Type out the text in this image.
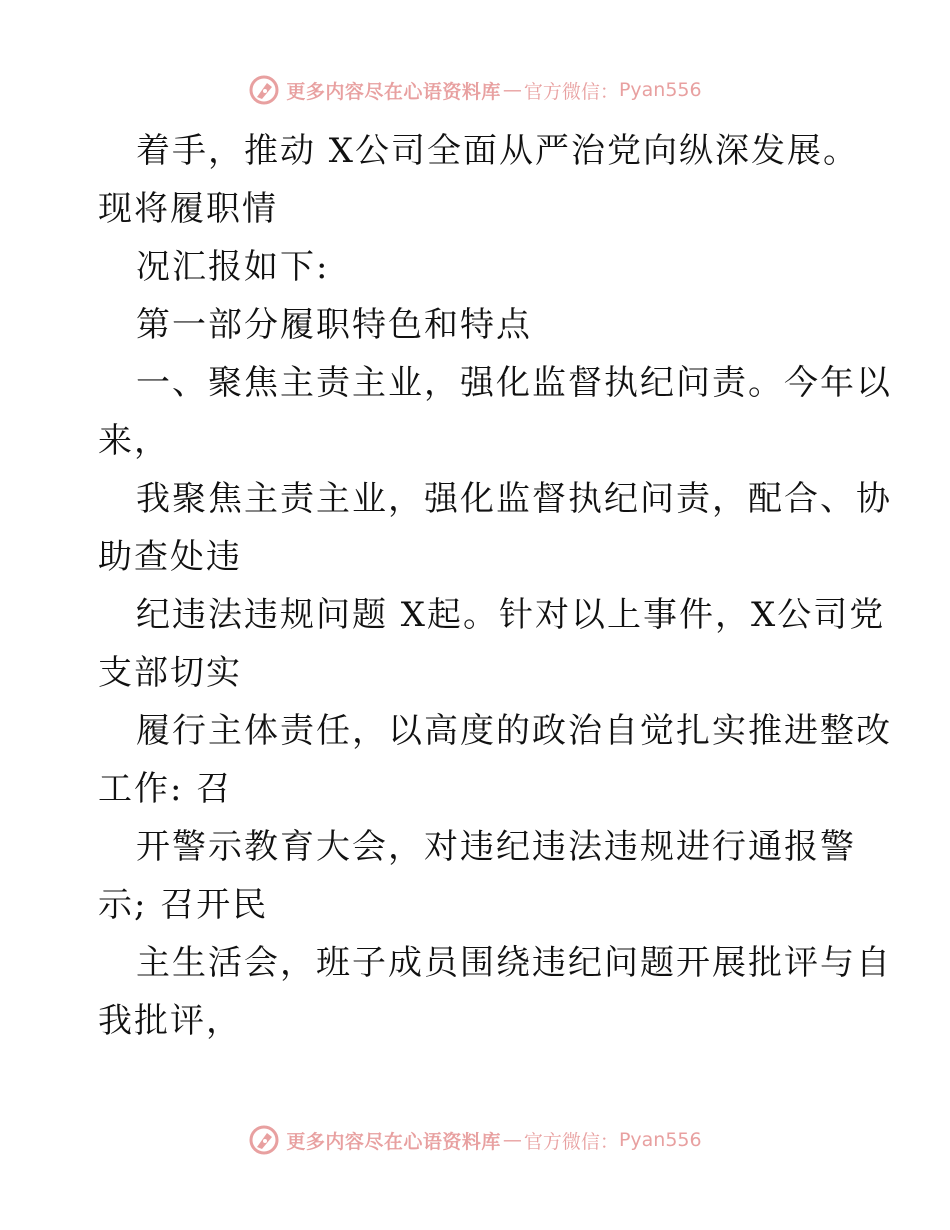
更多内容尽在心语资料库 — 官方微信： Pyan556
着手，推动 X公司全面从严治党向纵深发展。
现将履职情
况汇报如下:
第一部分履职特色和特点
一、聚焦主责主业，强化监督执纪问责。今年以
来，
我聚焦主责主业，强化监督执纪问责，配合、协
助查处违
纪违法违规问题 X起。针对以上事件，X公司党
支部切实
履行主体责任，以高度的政治自觉扎实推进整改
工作: 召
开警示教育大会，对违纪违法违规进行通报警
示; 召开民
主生活会，班子成员围绕违纪问题开展批评与自
我批评，
更多内容尽在心语资料库 — 官方微信： Pyan556
